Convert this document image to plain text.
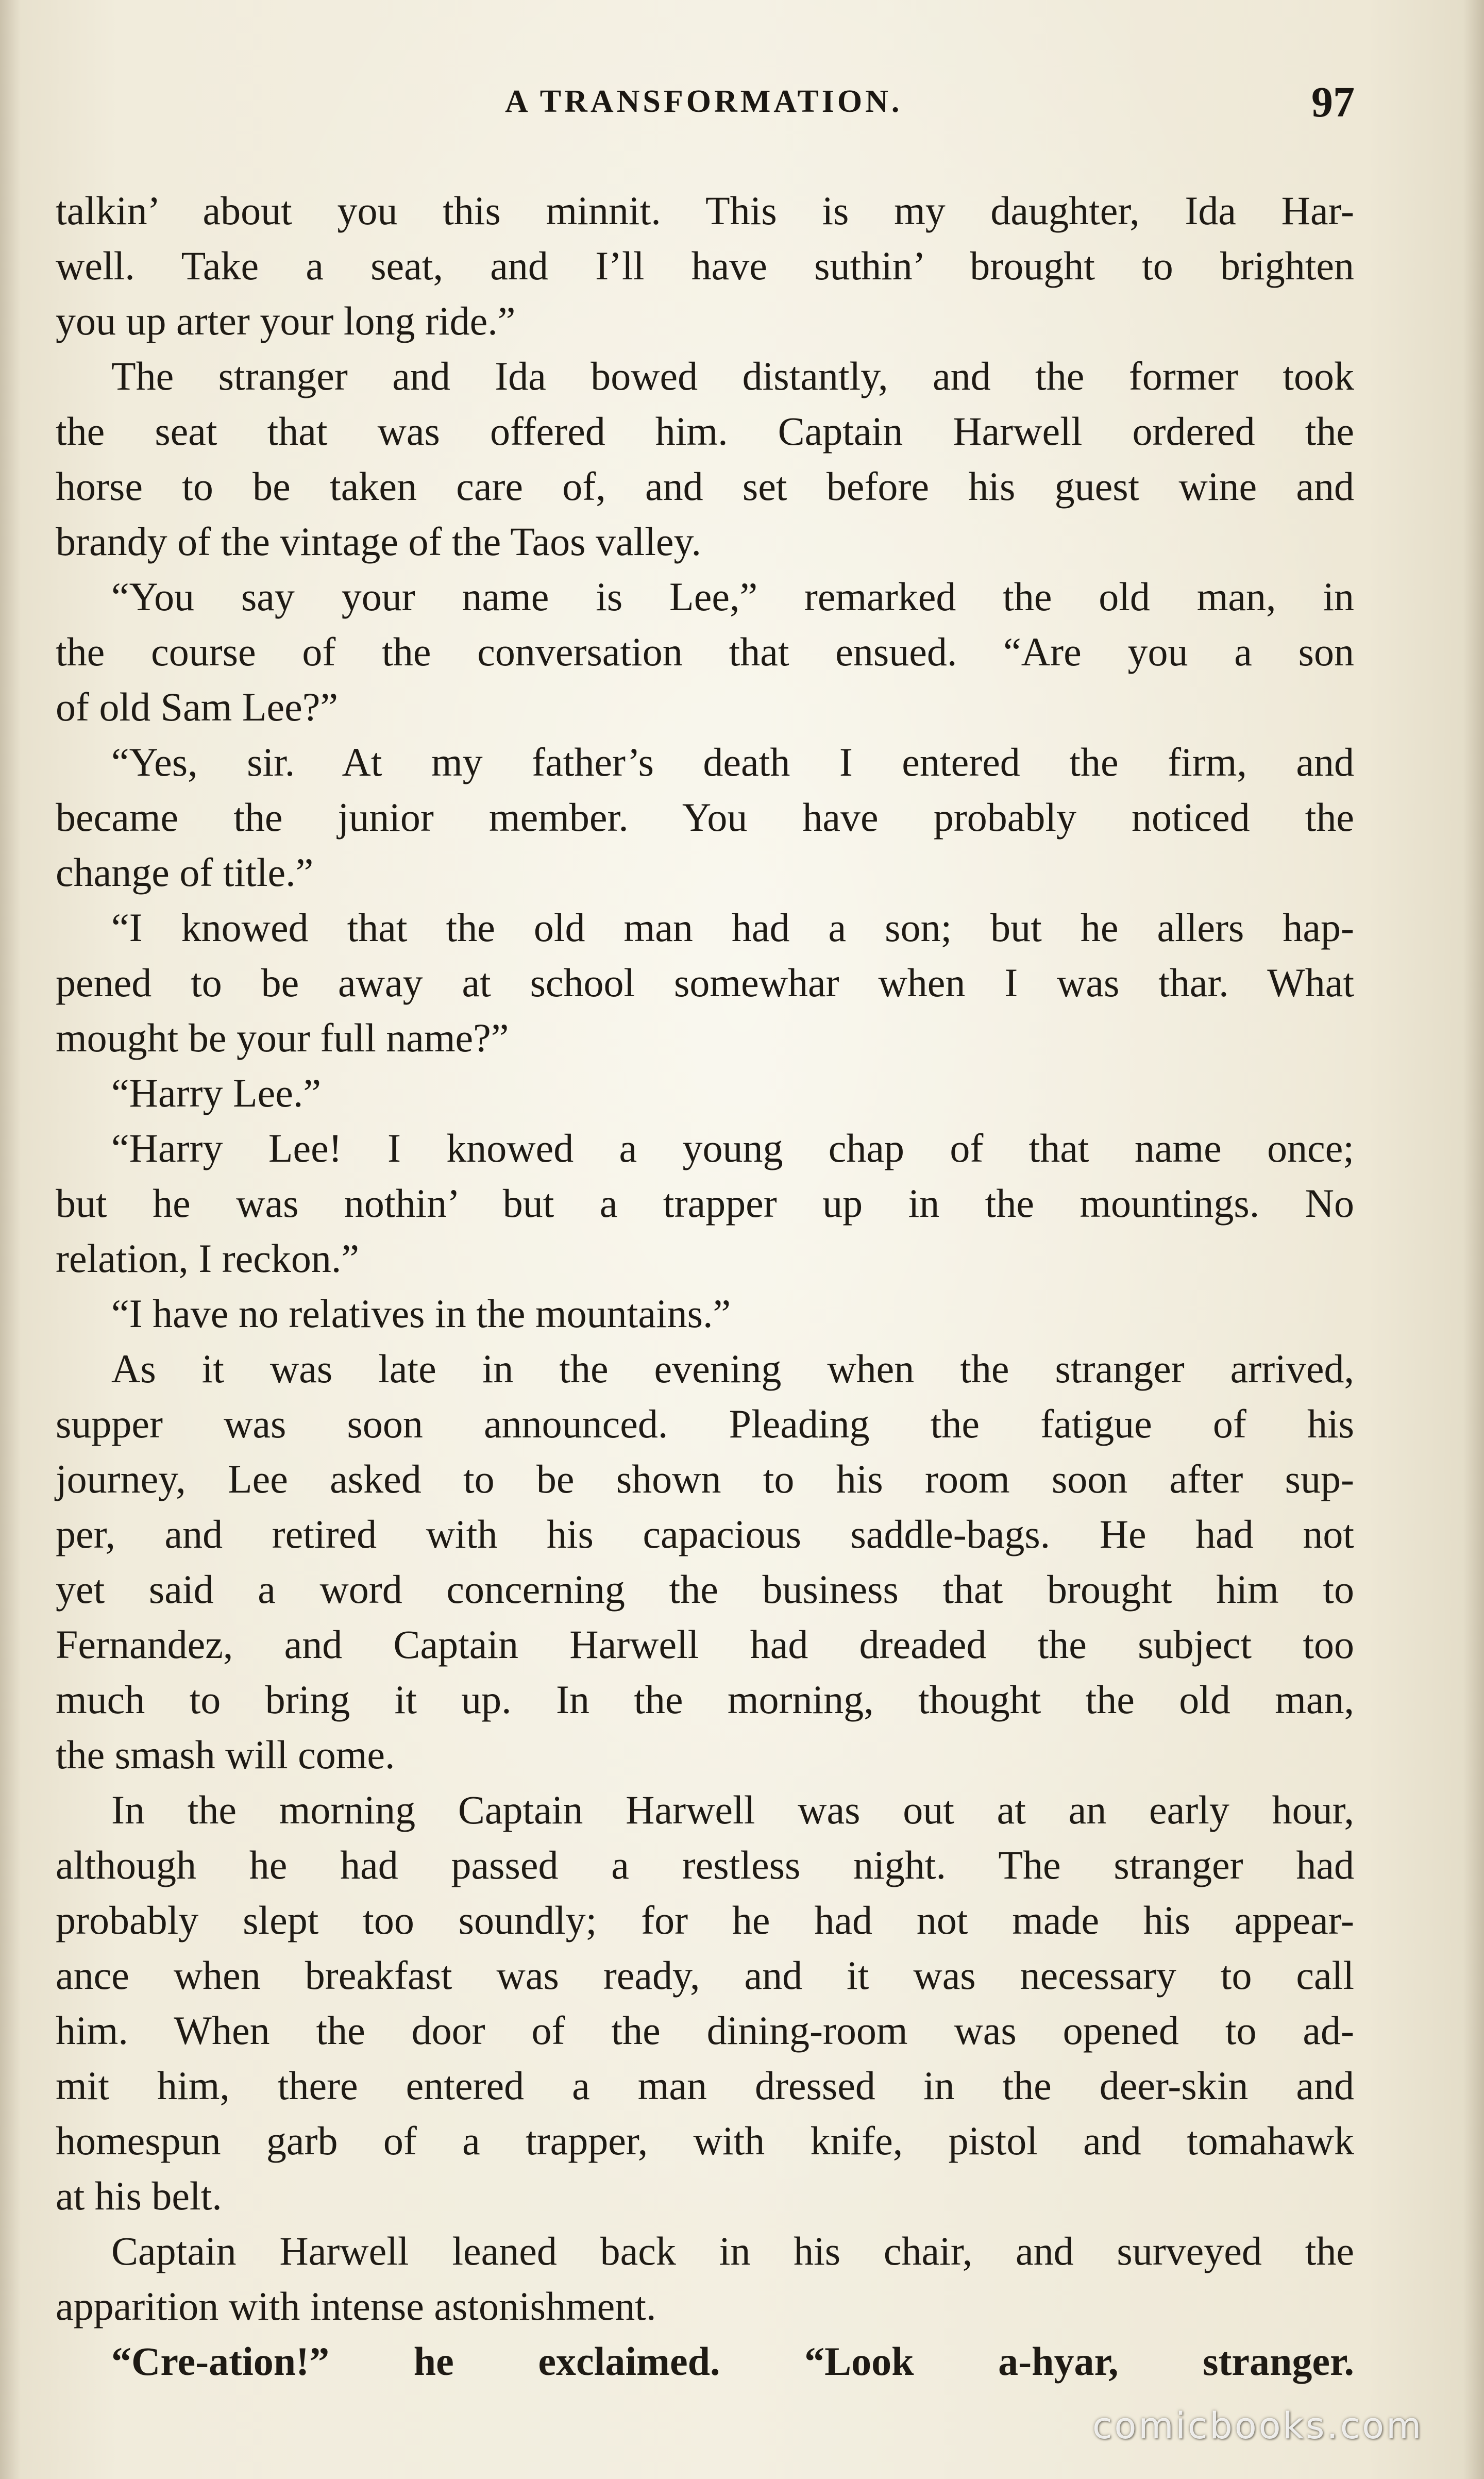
A TRANSFORMATION.	97
talkin’ about you this minnit. This is my daughter, Ida Har-
well. Take a seat, and I’ll have suthin’ brought to brighten
you up arter your long ride.”
The stranger and Ida bowed distantly, and the former took
the seat that was offered him. Captain Harwell ordered the
horse to be taken care of, and set before his guest wine and
brandy of the vintage of the Taos valley.
“You say your name is Lee,” remarked the old man, in
the course of the conversation that ensued. “Are you a son
of old Sam Lee?”
“Yes, sir. At my father’s death I entered the firm, and
became the junior member. You have probably noticed the
change of title.”
“I knowed that the old man had a son; but he allers hap-
pened to be away at school somewhar when I was thar. What
mought be your full name?”
“Harry Lee.”
“Harry Lee! I knowed a young chap of that name once;
but he was nothin’ but a trapper up in the mountings. No
relation, I reckon.”
“I have no relatives in the mountains.”
As it was late in the evening when the stranger arrived,
supper was soon announced. Pleading the fatigue of his
journey, Lee asked to be shown to his room soon after sup-
per, and retired with his capacious saddle-bags. He had not
yet said a word concerning the business that brought him to
Fernandez, and Captain Harwell had dreaded the subject too
much to bring it up. In the morning, thought the old man,
the smash will come.
In the morning Captain Harwell was out at an early hour,
although he had passed a restless night. The stranger had
probably slept too soundly; for he had not made his appear-
ance when breakfast was ready, and it was necessary to call
him. When the door of the dining-room was opened to ad-
mit him, there entered a man dressed in the deer-skin and
homespun garb of a trapper, with knife, pistol and tomahawk
at his belt.
Captain Harwell leaned back in his chair, and surveyed the
apparition with intense astonishment.
“Cre-ation!” he exclaimed. “Look a-hyar, stranger.
comicbooks.com
